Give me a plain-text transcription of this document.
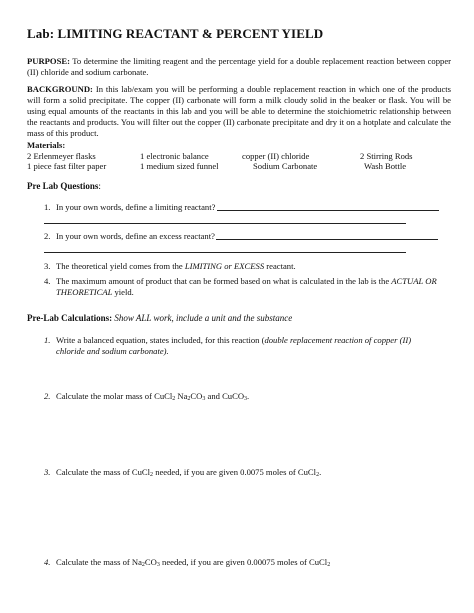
Lab: LIMITING REACTANT & PERCENT YIELD

PURPOSE: To determine the limiting reagent and the percentage yield for a double replacement reaction between copper (II) chloride and sodium carbonate.

BACKGROUND: In this lab/exam you will be performing a double replacement reaction in which one of the products will form a solid precipitate. The copper (II) carbonate will form a milk cloudy solid in the beaker or flask. You will be using equal amounts of the reactants in this lab and you will be able to determine the stoichiometric relationship between the reactants and products. You will filter out the copper (II) carbonate precipitate and dry it on a hotplate and calculate the mass of this product.

Materials:
2 Erlenmeyer flasks	1 electronic balance	copper (II) chloride	2 Stirring Rods
1 piece fast filter paper	1 medium sized funnel	Sodium Carbonate	Wash Bottle
Pre Lab Questions:
1. In your own words, define a limiting reactant?
2. In your own words, define an excess reactant?
3. The theoretical yield comes from the LIMITING or EXCESS reactant.
4. The maximum amount of product that can be formed based on what is calculated in the lab is the ACTUAL OR THEORETICAL yield.
Pre-Lab Calculations: Show ALL work, include a unit and the substance
1. Write a balanced equation, states included, for this reaction (double replacement reaction of copper (II) chloride and sodium carbonate).
2. Calculate the molar mass of CuCl2 Na2CO3 and CuCO3.
3. Calculate the mass of CuCl2 needed, if you are given 0.0075 moles of CuCl2.
4. Calculate the mass of Na2CO3 needed, if you are given 0.00075 moles of CuCl2
